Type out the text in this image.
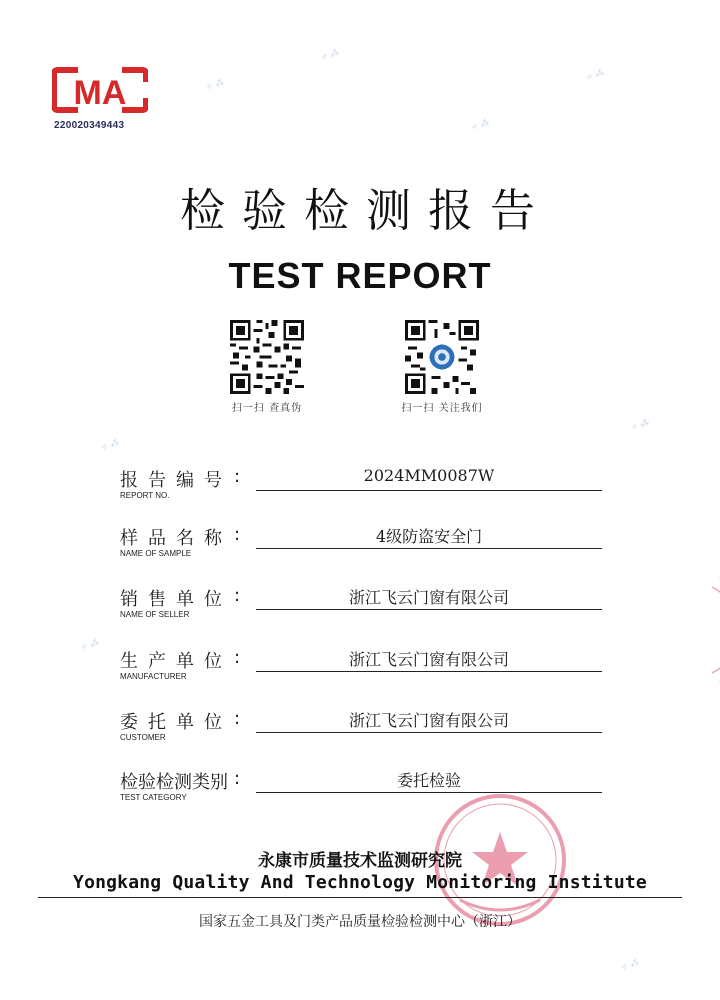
✧ ⁂
✧ ⁂
✧ ⁂
✧ ⁂
✧ ⁂
✧ ⁂
✧ ⁂
✧ ⁂
MA
220020349443
检验检测报告
TEST REPORT
扫一扫 查真伪	扫一扫 关注我们
报告编号 :
REPORT NO.
2024MM0087W
样品名称 :
NAME OF SAMPLE
4级防盗安全门
销售单位 :
NAME OF SELLER
浙江飞云门窗有限公司
生产单位 :
MANUFACTURER
浙江飞云门窗有限公司
委托单位 :
CUSTOMER
浙江飞云门窗有限公司
检验检测类别 :
TEST CATEGORY
委托检验
永康市质量技术监测研究院
Yongkang Quality And Technology Monitoring Institute
国家五金工具及门类产品质量检验检测中心（浙江）
